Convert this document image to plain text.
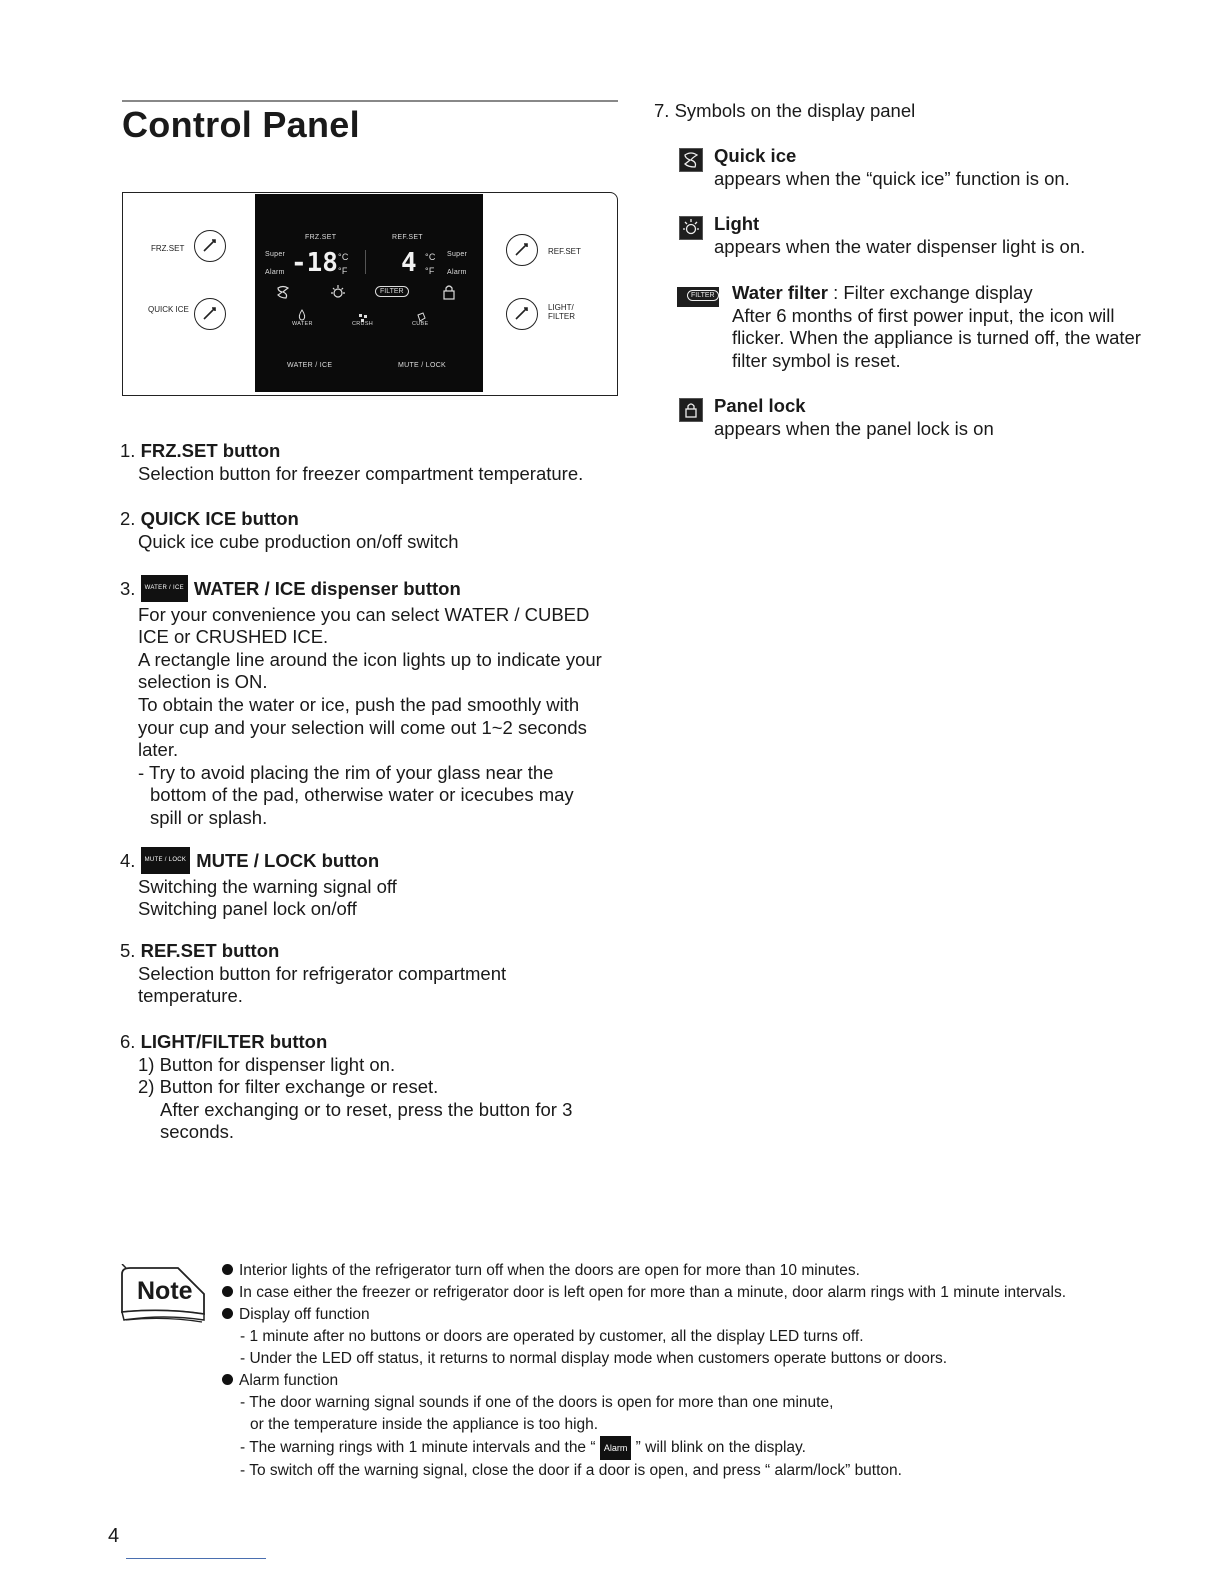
Control Panel
FRZ.SET
QUICK ICE
REF.SET
LIGHT/
FILTER
FRZ.SET	REF.SET
Super
Alarm -18 °C
°F 4 °C
°F
Super
Alarm
FILTER
WATER	CRUSH	CUBE
WATER / ICE	MUTE / LOCK
1. FRZ.SET button
Selection button for freezer compartment temperature.
2. QUICK ICE button
Quick ice cube production on/off switch
3. WATER / ICE WATER / ICE dispenser button
For your convenience you can select WATER / CUBED
ICE or CRUSHED ICE.
A rectangle line around the icon lights up to indicate your
selection is ON.
To obtain the water or ice, push the pad smoothly with
your cup and your selection will come out 1~2 seconds
later.
- Try to avoid placing the rim of your glass near the
bottom of the pad, otherwise water or icecubes may
spill or splash.
4. MUTE / LOCK MUTE / LOCK button
Switching the warning signal off
Switching panel lock on/off
5. REF.SET button
Selection button for refrigerator compartment
temperature.
6. LIGHT/FILTER button
1) Button for dispenser light on.
2) Button for filter exchange or reset.
After exchanging or to reset, press the button for 3
seconds.
7. Symbols on the display panel
Quick ice
appears when the “quick ice” function is on.
Light
appears when the water dispenser light is on.
FILTER Water filter : Filter exchange display
After 6 months of first power input, the icon will
flicker. When the appliance is turned off, the water
filter symbol is reset.
Panel lock
appears when the panel lock is on
Note
Interior lights of the refrigerator turn off when the doors are open for more than 10 minutes.
In case either the freezer or refrigerator door is left open for more than a minute, door alarm rings with 1 minute intervals.
Display off function
- 1 minute after no buttons or doors are operated by customer, all the display LED turns off.
- Under the LED off status, it returns to normal display mode when customers operate buttons or doors.
Alarm function
- The door warning signal sounds if one of the doors is open for more than one minute,
or the temperature inside the appliance is too high.
- The warning rings with 1 minute intervals and the “ Alarm ” will blink on the display.
- To switch off the warning signal, close the door if a door is open, and press “ alarm/lock” button.
4
